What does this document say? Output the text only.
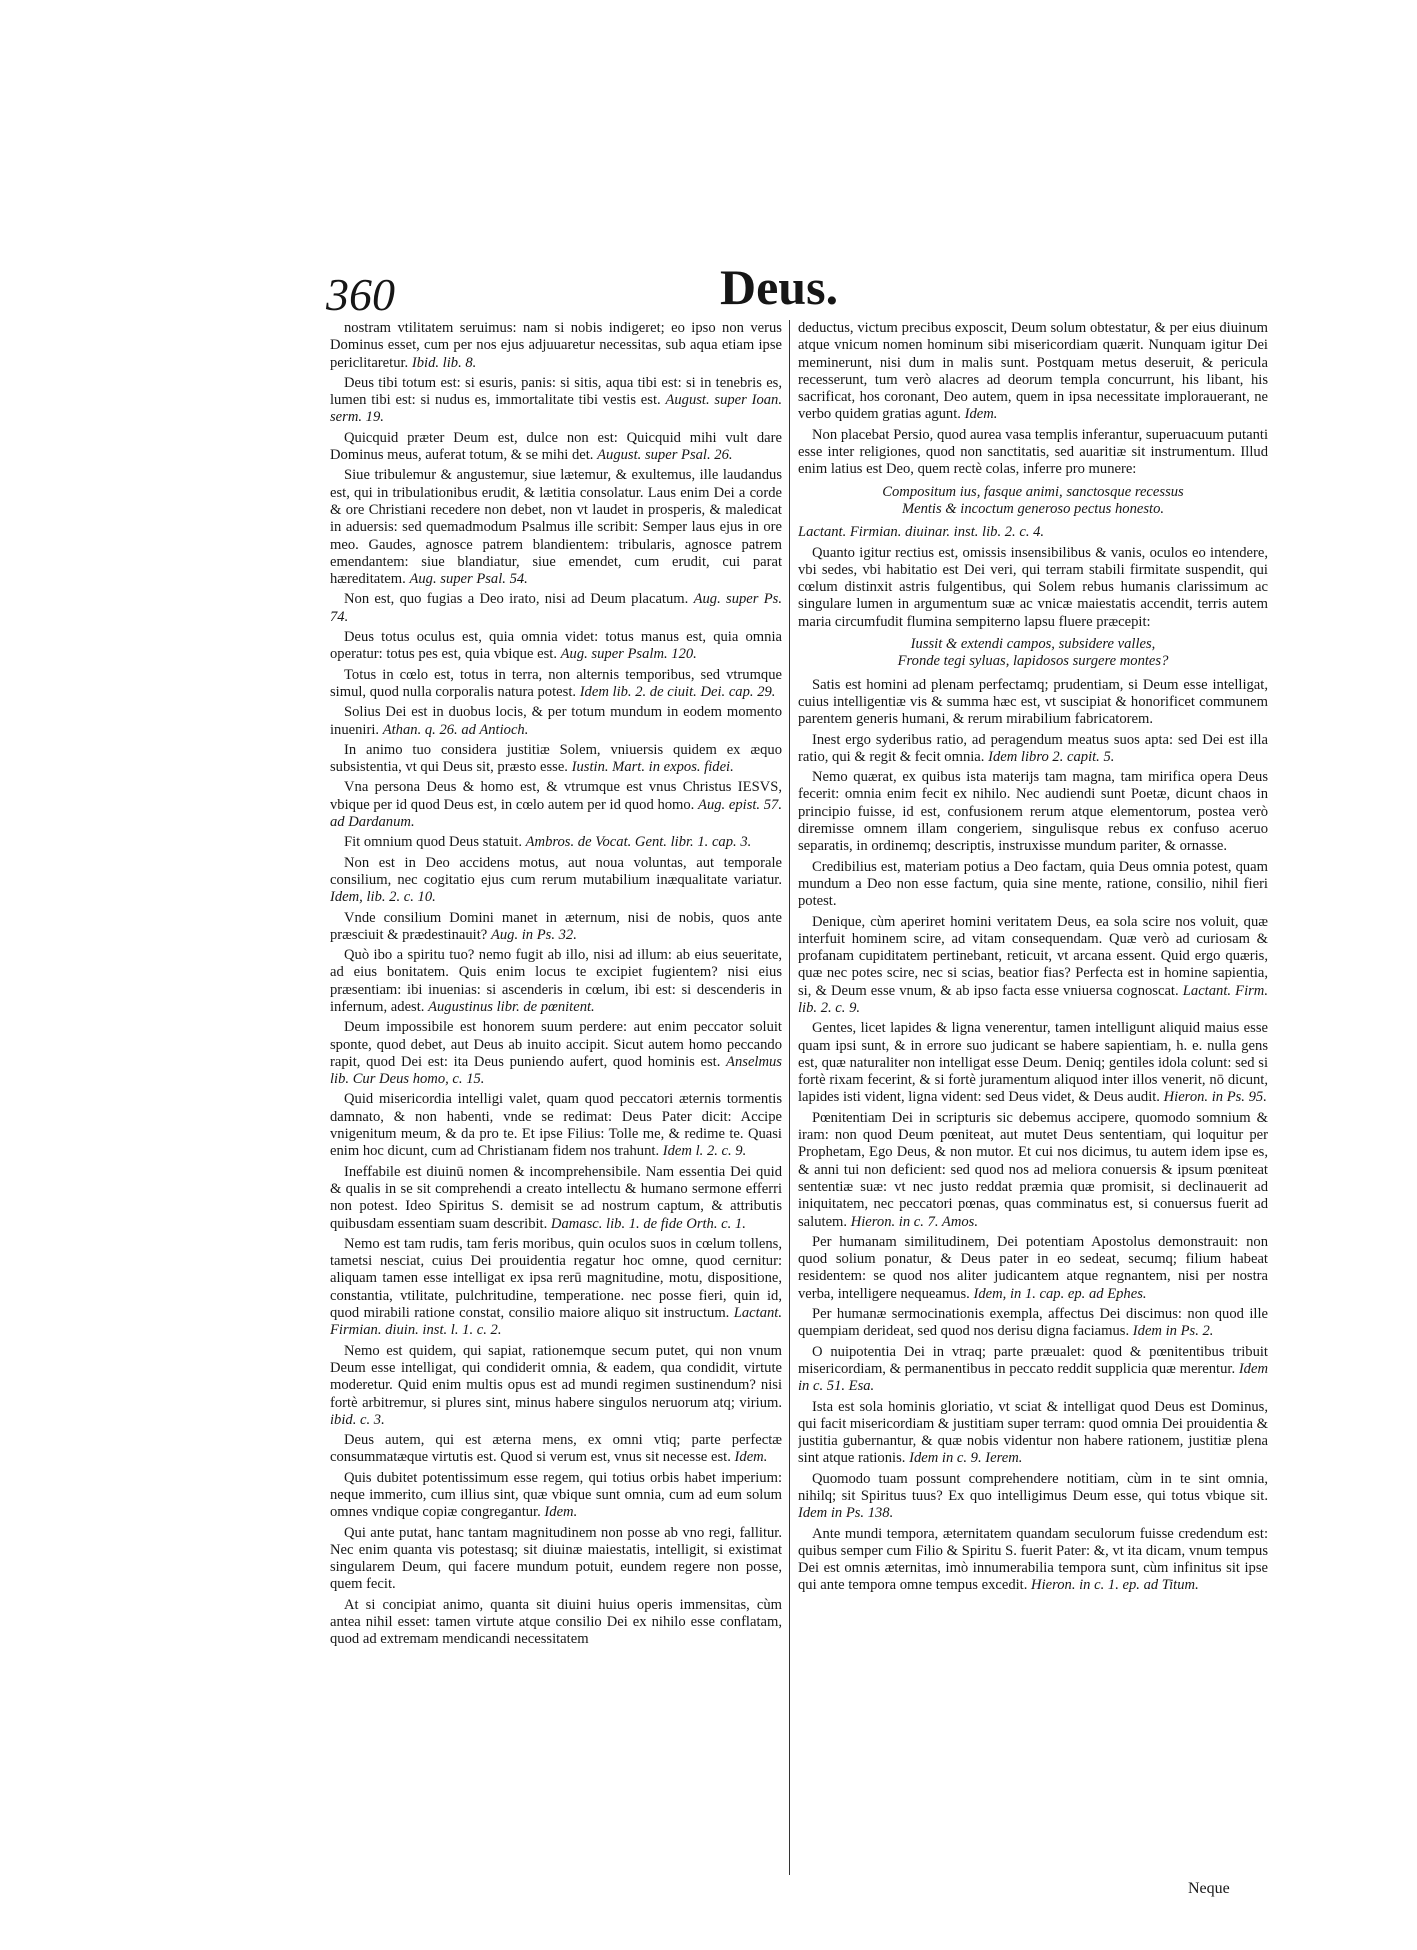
360	Deus.

nostram vtilitatem seruimus: nam si nobis indigeret; eo ipso non verus Dominus esset, cum per nos ejus adjuuaretur necessitas, sub aqua etiam ipse periclitaretur. Ibid. lib. 8.

Deus tibi totum est: si esuris, panis: si sitis, aqua tibi est: si in tenebris es, lumen tibi est: si nudus es, immortalitate tibi vestis est. August. super Ioan. serm. 19.

Quicquid præter Deum est, dulce non est: Quicquid mihi vult dare Dominus meus, auferat totum, & se mihi det. August. super Psal. 26.

Siue tribulemur & angustemur, siue lætemur, & exultemus, ille laudandus est, qui in tribulationibus erudit, & lætitia consolatur. Laus enim Dei a corde & ore Christiani recedere non debet, non vt laudet in prosperis, & maledicat in aduersis: sed quemadmodum Psalmus ille scribit: Semper laus ejus in ore meo. Gaudes, agnosce patrem blandientem: tribularis, agnosce patrem emendantem: siue blandiatur, siue emendet, cum erudit, cui parat hæreditatem. Aug. super Psal. 54.

Non est, quo fugias a Deo irato, nisi ad Deum placatum. Aug. super Ps. 74.

Deus totus oculus est, quia omnia videt: totus manus est, quia omnia operatur: totus pes est, quia vbique est. Aug. super Psalm. 120.

Totus in cœlo est, totus in terra, non alternis temporibus, sed vtrumque simul, quod nulla corporalis natura potest. Idem lib. 2. de ciuit. Dei. cap. 29.

Solius Dei est in duobus locis, & per totum mundum in eodem momento inueniri. Athan. q. 26. ad Antioch.

In animo tuo considera justitiæ Solem, vniuersis quidem ex æquo subsistentia, vt qui Deus sit, præsto esse. Iustin. Mart. in expos. fidei.

Vna persona Deus & homo est, & vtrumque est vnus Christus IESVS, vbique per id quod Deus est, in cœlo autem per id quod homo. Aug. epist. 57. ad Dardanum.

Fit omnium quod Deus statuit. Ambros. de Vocat. Gent. libr. 1. cap. 3.

Non est in Deo accidens motus, aut noua voluntas, aut temporale consilium, nec cogitatio ejus cum rerum mutabilium inæqualitate variatur. Idem, lib. 2. c. 10.

Vnde consilium Domini manet in æternum, nisi de nobis, quos ante præsciuit & prædestinauit? Aug. in Ps. 32.

Quò ibo a spiritu tuo? nemo fugit ab illo, nisi ad illum: ab eius seueritate, ad eius bonitatem. Quis enim locus te excipiet fugientem? nisi eius præsentiam: ibi inuenias: si ascenderis in cœlum, ibi est: si descenderis in infernum, adest. Augustinus libr. de pœnitent.

Deum impossibile est honorem suum perdere: aut enim peccator soluit sponte, quod debet, aut Deus ab inuito accipit. Sicut autem homo peccando rapit, quod Dei est: ita Deus puniendo aufert, quod hominis est. Anselmus lib. Cur Deus homo, c. 15.

Quid misericordia intelligi valet, quam quod peccatori æternis tormentis damnato, & non habenti, vnde se redimat: Deus Pater dicit: Accipe vnigenitum meum, & da pro te. Et ipse Filius: Tolle me, & redime te. Quasi enim hoc dicunt, cum ad Christianam fidem nos trahunt. Idem l. 2. c. 9.

Ineffabile est diuinū nomen & incomprehensibile. Nam essentia Dei quid & qualis in se sit comprehendi a creato intellectu & humano sermone efferri non potest. Ideo Spiritus S. demisit se ad nostrum captum, & attributis quibusdam essentiam suam describit. Damasc. lib. 1. de fide Orth. c. 1.

Nemo est tam rudis, tam feris moribus, quin oculos suos in cœlum tollens, tametsi nesciat, cuius Dei prouidentia regatur hoc omne, quod cernitur: aliquam tamen esse intelligat ex ipsa rerū magnitudine, motu, dispositione, constantia, vtilitate, pulchritudine, temperatione. nec posse fieri, quin id, quod mirabili ratione constat, consilio maiore aliquo sit instructum. Lactant. Firmian. diuin. inst. l. 1. c. 2.

Nemo est quidem, qui sapiat, rationemque secum putet, qui non vnum Deum esse intelligat, qui condiderit omnia, & eadem, qua condidit, virtute moderetur. Quid enim multis opus est ad mundi regimen sustinendum? nisi fortè arbitremur, si plures sint, minus habere singulos neruorum atq; virium. ibid. c. 3.

Deus autem, qui est æterna mens, ex omni vtiq; parte perfectæ consummatæque virtutis est. Quod si verum est, vnus sit necesse est. Idem.

Quis dubitet potentissimum esse regem, qui totius orbis habet imperium: neque immerito, cum illius sint, quæ vbique sunt omnia, cum ad eum solum omnes vndique copiæ congregantur. Idem.

Qui ante putat, hanc tantam magnitudinem non posse ab vno regi, fallitur. Nec enim quanta vis potestasq; sit diuinæ maiestatis, intelligit, si existimat singularem Deum, qui facere mundum potuit, eundem regere non posse, quem fecit.

At si concipiat animo, quanta sit diuini huius operis immensitas, cùm antea nihil esset: tamen virtute atque consilio Dei ex nihilo esse conflatam, quod ad extremam mendicandi necessitatem

deductus, victum precibus exposcit, Deum solum obtestatur, & per eius diuinum atque vnicum nomen hominum sibi misericordiam quærit. Nunquam igitur Dei meminerunt, nisi dum in malis sunt. Postquam metus deseruit, & pericula recesserunt, tum verò alacres ad deorum templa concurrunt, his libant, his sacrificat, hos coronant, Deo autem, quem in ipsa necessitate implorauerant, ne verbo quidem gratias agunt. Idem.

Non placebat Persio, quod aurea vasa templis inferantur, superuacuum putanti esse inter religiones, quod non sanctitatis, sed auaritiæ sit instrumentum. Illud enim latius est Deo, quem rectè colas, inferre pro munere:

Compositum ius, fasque animi, sanctosque recessus
Mentis & incoctum generoso pectus honesto.

Lactant. Firmian. diuinar. inst. lib. 2. c. 4.

Quanto igitur rectius est, omissis insensibilibus & vanis, oculos eo intendere, vbi sedes, vbi habitatio est Dei veri, qui terram stabili firmitate suspendit, qui cœlum distinxit astris fulgentibus, qui Solem rebus humanis clarissimum ac singulare lumen in argumentum suæ ac vnicæ maiestatis accendit, terris autem maria circumfudit flumina sempiterno lapsu fluere præcepit:

Iussit & extendi campos, subsidere valles,
Fronde tegi syluas, lapidosos surgere montes?

Satis est homini ad plenam perfectamq; prudentiam, si Deum esse intelligat, cuius intelligentiæ vis & summa hæc est, vt suscipiat & honorificet communem parentem generis humani, & rerum mirabilium fabricatorem.

Inest ergo syderibus ratio, ad peragendum meatus suos apta: sed Dei est illa ratio, qui & regit & fecit omnia. Idem libro 2. capit. 5.

Nemo quærat, ex quibus ista materijs tam magna, tam mirifica opera Deus fecerit: omnia enim fecit ex nihilo. Nec audiendi sunt Poetæ, dicunt chaos in principio fuisse, id est, confusionem rerum atque elementorum, postea verò diremisse omnem illam congeriem, singulisque rebus ex confuso aceruo separatis, in ordinemq; descriptis, instruxisse mundum pariter, & ornasse.

Credibilius est, materiam potius a Deo factam, quia Deus omnia potest, quam mundum a Deo non esse factum, quia sine mente, ratione, consilio, nihil fieri potest.

Denique, cùm aperiret homini veritatem Deus, ea sola scire nos voluit, quæ interfuit hominem scire, ad vitam consequendam. Quæ verò ad curiosam & profanam cupiditatem pertinebant, reticuit, vt arcana essent. Quid ergo quæris, quæ nec potes scire, nec si scias, beatior fias? Perfecta est in homine sapientia, si, & Deum esse vnum, & ab ipso facta esse vniuersa cognoscat. Lactant. Firm. lib. 2. c. 9.

Gentes, licet lapides & ligna venerentur, tamen intelligunt aliquid maius esse quam ipsi sunt, & in errore suo judicant se habere sapientiam, h. e. nulla gens est, quæ naturaliter non intelligat esse Deum. Deniq; gentiles idola colunt: sed si fortè rixam fecerint, & si fortè juramentum aliquod inter illos venerit, nō dicunt, lapides isti vident, ligna vident: sed Deus videt, & Deus audit. Hieron. in Ps. 95.

Pœnitentiam Dei in scripturis sic debemus accipere, quomodo somnium & iram: non quod Deum pœniteat, aut mutet Deus sententiam, qui loquitur per Prophetam, Ego Deus, & non mutor. Et cui nos dicimus, tu autem idem ipse es, & anni tui non deficient: sed quod nos ad meliora conuersis & ipsum pœniteat sententiæ suæ: vt nec justo reddat præmia quæ promisit, si declinauerit ad iniquitatem, nec peccatori pœnas, quas comminatus est, si conuersus fuerit ad salutem. Hieron. in c. 7. Amos.

Per humanam similitudinem, Dei potentiam Apostolus demonstrauit: non quod solium ponatur, & Deus pater in eo sedeat, secumq; filium habeat residentem: se quod nos aliter judicantem atque regnantem, nisi per nostra verba, intelligere nequeamus. Idem, in 1. cap. ep. ad Ephes.

Per humanæ sermocinationis exempla, affectus Dei discimus: non quod ille quempiam derideat, sed quod nos derisu digna faciamus. Idem in Ps. 2.

O nuipotentia Dei in vtraq; parte præualet: quod & pœnitentibus tribuit misericordiam, & permanentibus in peccato reddit supplicia quæ merentur. Idem in c. 51. Esa.

Ista est sola hominis gloriatio, vt sciat & intelligat quod Deus est Dominus, qui facit misericordiam & justitiam super terram: quod omnia Dei prouidentia & justitia gubernantur, & quæ nobis videntur non habere rationem, justitiæ plena sint atque rationis. Idem in c. 9. Ierem.

Quomodo tuam possunt comprehendere notitiam, cùm in te sint omnia, nihilq; sit Spiritus tuus? Ex quo intelligimus Deum esse, qui totus vbique sit. Idem in Ps. 138.

Ante mundi tempora, æternitatem quandam seculorum fuisse credendum est: quibus semper cum Filio & Spiritu S. fuerit Pater: &, vt ita dicam, vnum tempus Dei est omnis æternitas, imò innumerabilia tempora sunt, cùm infinitus sit ipse qui ante tempora omne tempus excedit. Hieron. in c. 1. ep. ad Titum.

Neque
